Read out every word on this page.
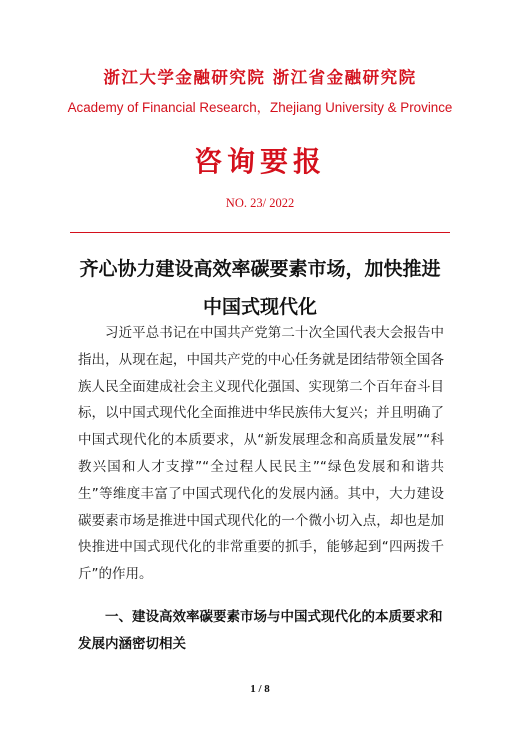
浙江大学金融研究院 浙江省金融研究院
Academy of Financial Research，Zhejiang University & Province
咨询要报
NO. 23/ 2022
齐心协力建设高效率碳要素市场，加快推进中国式现代化
习近平总书记在中国共产党第二十次全国代表大会报告中指出，从现在起，中国共产党的中心任务就是团结带领全国各族人民全面建成社会主义现代化强国、实现第二个百年奋斗目标，以中国式现代化全面推进中华民族伟大复兴；并且明确了中国式现代化的本质要求，从“新发展理念和高质量发展”“科教兴国和人才支撑”“全过程人民民主”“绿色发展和和谐共生”等维度丰富了中国式现代化的发展内涵。其中，大力建设碳要素市场是推进中国式现代化的一个微小切入点，却也是加快推进中国式现代化的非常重要的抓手，能够起到“四两拨千斤”的作用。
一、建设高效率碳要素市场与中国式现代化的本质要求和发展内涵密切相关
1 / 8
